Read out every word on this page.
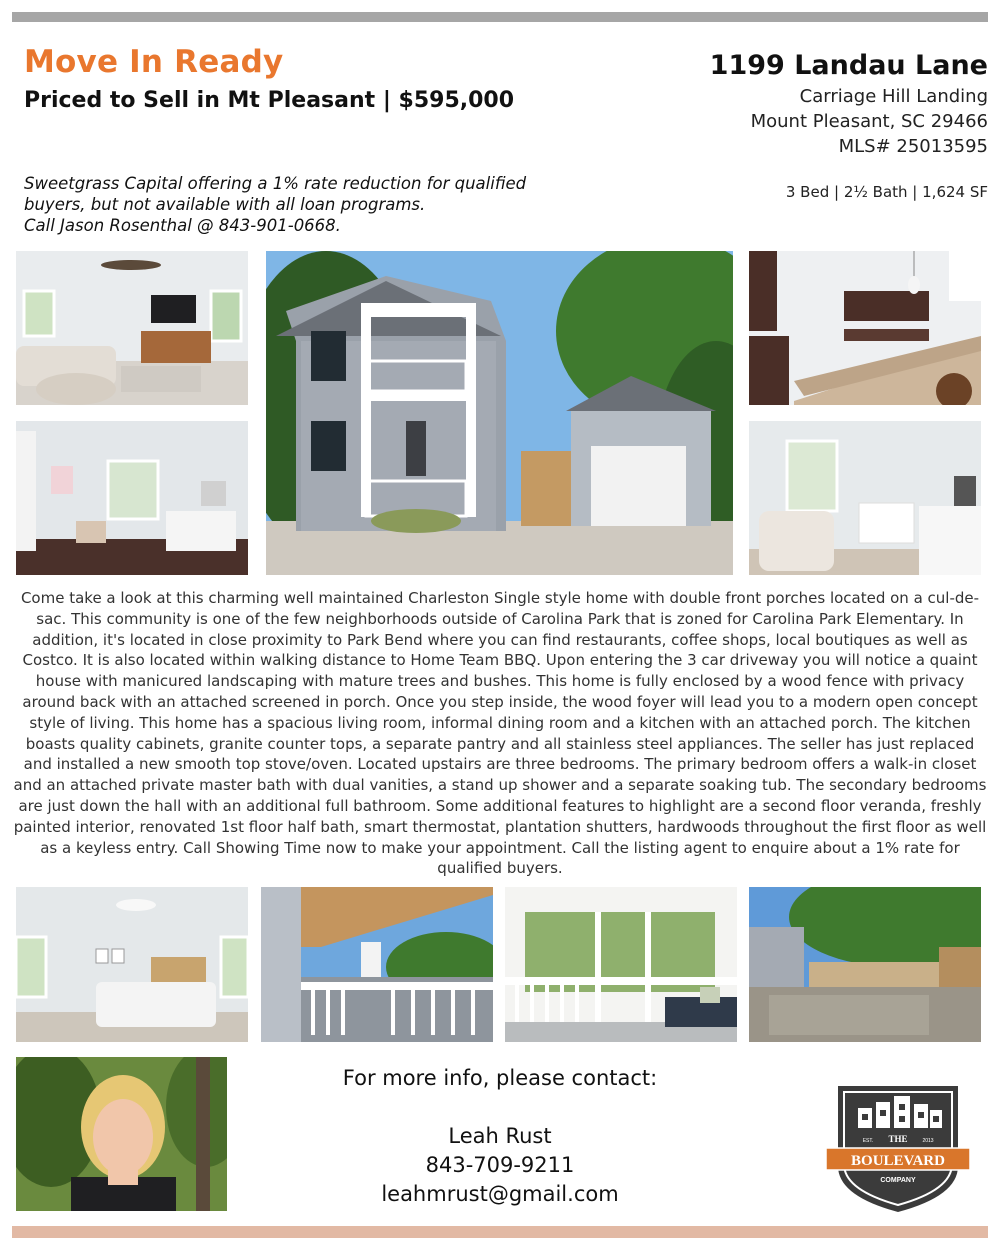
Move In Ready
Priced to Sell in Mt Pleasant | $595,000
1199 Landau Lane
Carriage Hill Landing
Mount Pleasant, SC 29466
MLS# 25013595
3 Bed | 2½ Bath | 1,624 SF
Sweetgrass Capital offering a 1% rate reduction for qualified
buyers, but not available with all loan programs.
Call Jason Rosenthal @ 843-901-0668.
Come take a look at this charming well maintained Charleston Single style home with double front porches located on a cul-de-sac. This community is one of the few neighborhoods outside of Carolina Park that is zoned for Carolina Park Elementary. In addition, it's located in close proximity to Park Bend where you can find restaurants, coffee shops, local boutiques as well as Costco. It is also located within walking distance to Home Team BBQ. Upon entering the 3 car driveway you will notice a quaint house with manicured landscaping with mature trees and bushes. This home is fully enclosed by a wood fence with privacy around back with an attached screened in porch. Once you step inside, the wood foyer will lead you to a modern open concept style of living. This home has a spacious living room, informal dining room and a kitchen with an attached porch. The kitchen boasts quality cabinets, granite counter tops, a separate pantry and all stainless steel appliances. The seller has just replaced and installed a new smooth top stove/oven. Located upstairs are three bedrooms. The primary bedroom offers a walk-in closet and an attached private master bath with dual vanities, a stand up shower and a separate soaking tub. The secondary bedrooms are just down the hall with an additional full bathroom. Some additional features to highlight are a second floor veranda, freshly painted interior, renovated 1st floor half bath, smart thermostat, plantation shutters, hardwoods throughout the first floor as well as a keyless entry. Call Showing Time now to make your appointment. Call the listing agent to enquire about a 1% rate for qualified buyers.
For more info, please contact:
Leah Rust
843-709-9211
leahmrust@gmail.com
THE
EST.	2013
BOULEVARD
COMPANY
